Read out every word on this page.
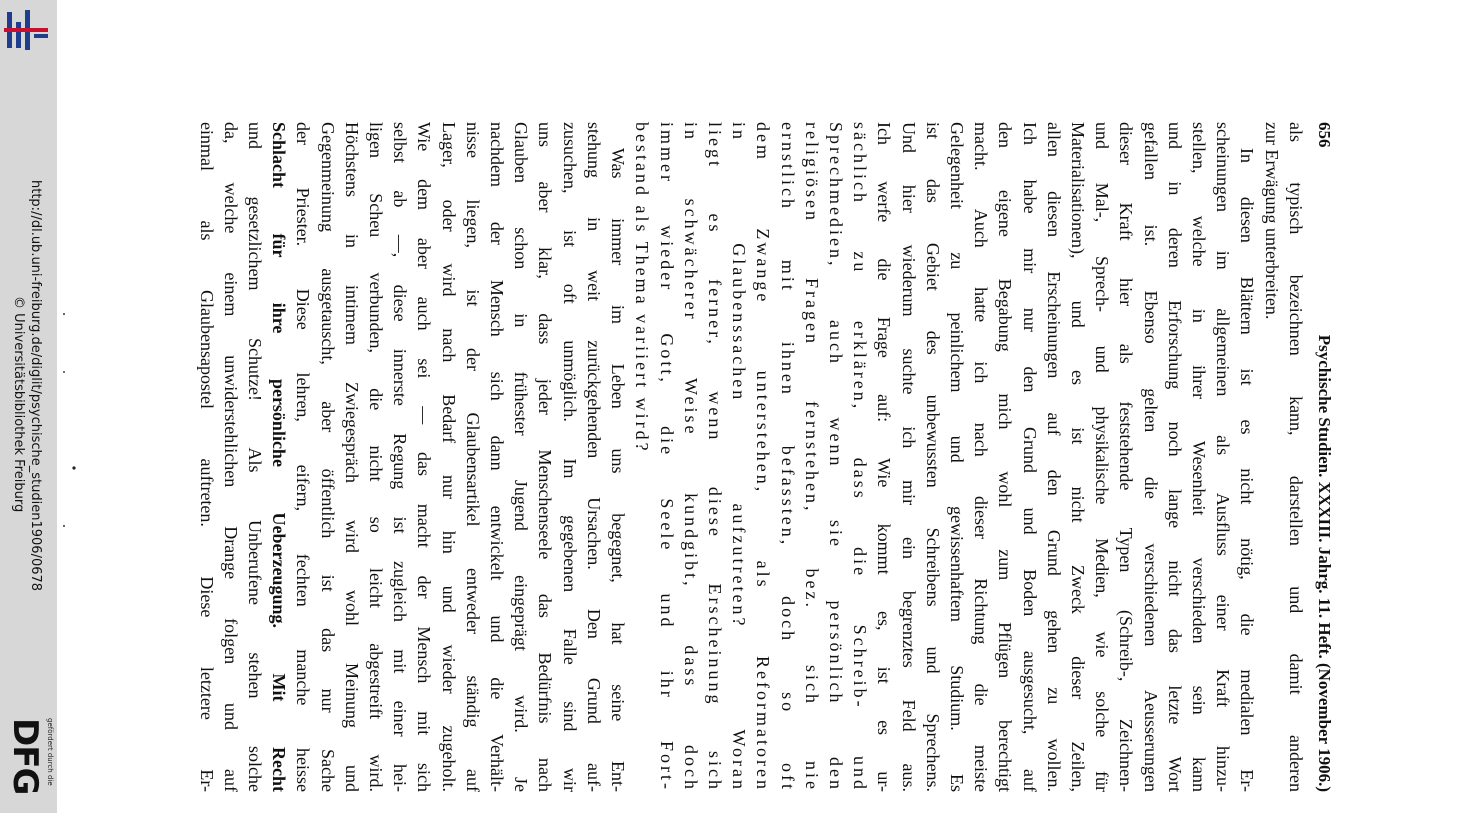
http://dl.ub.uni-freiburg.de/diglit/psychische_studien1906/0678
© Universitätsbibliothek Freiburg
gefördert durch die
DFG
656
Psychische Studien. XXXIII. Jahrg. 11. Heft. (November 1906.)

als typisch bezeichnen kann, darstellen und damit anderen

zur Erwägung unterbreiten.

In diesen Blättern ist es nicht nötig, die medialen Er-

scheinungen im allgemeinen als Ausfluss einer Kraft hinzu-

stellen, welche in ihrer Wesenheit verschieden sein kann

und in deren Erforschung noch lange nicht das letzte Wort

gefallen ist. Ebenso gelten die verschiedenen Aeusserungen

dieser Kraft hier als feststehende Typen (Schreib-, Zeichnen-

und Mal-, Sprech- und physikalische Medien, wie solche für

Materialisationen), und es ist nicht Zweck dieser Zeilen,

allen diesen Erscheinungen auf den Grund gehen zu wollen.

Ich habe mir nur den Grund und Boden ausgesucht, auf

den eigene Begabung mich wohl zum Pflügen berechtigt

macht. Auch hatte ich nach dieser Richtung die meiste

Gelegenheit zu peinlichem und gewissenhaftem Studium. Es

ist das Gebiet des unbewussten Schreibens und Sprechens.

Und hier wiederum suchte ich mir ein begrenztes Feld aus.

Ich werfe die Frage auf: Wie kommt es, ist es ur-

sächlich zu erklären, dass die Schreib- und

Sprechmedien, auch wenn sie persönlich den

religiösen Fragen fernstehen, bez. sich nie

ernstlich mit ihnen befassten, doch so oft

dem Zwange unterstehen, als Reformatoren

in Glaubenssachen aufzutreten? Woran

liegt es ferner, wenn diese Erscheinung sich

in schwächerer Weise kundgibt, dass doch

immer wieder Gott, die Seele und ihr Fort-

bestand als Thema variiert wird?

Was immer im Leben uns begegnet, hat seine Ent-

stehung in weit zurückgehenden Ursachen. Den Grund auf-

zusuchen, ist oft unmöglich. Im gegebenen Falle sind wir

uns aber klar, dass jeder Menschenseele das Bedürfnis nach

Glauben schon in frühester Jugend eingeprägt wird. Je

nachdem der Mensch sich dann entwickelt und die Verhält-

nisse liegen, ist der Glaubensartikel entweder ständig auf

Lager, oder wird nach Bedarf nur hin und wieder zugeholt.

Wie dem aber auch sei — das macht der Mensch mit sich

selbst ab —, diese innerste Regung ist zugleich mit einer hei-

ligen Scheu verbunden, die nicht so leicht abgestreift wird.

Höchstens in intimem Zwiegespräch wird wohl Meinung und

Gegenmeinung ausgetauscht, aber öffentlich ist das nur Sache

der Priester. Diese lehren, eifern, fechten manche heisse

Schlacht für ihre persönliche Ueberzeugung. Mit Recht

und gesetzlichem Schutze! Als Unberufene stehen solche

da, welche einem unwiderstehlichen Drange folgen und auf

einmal als Glaubensapostel auftreten. Diese letztere Er-
